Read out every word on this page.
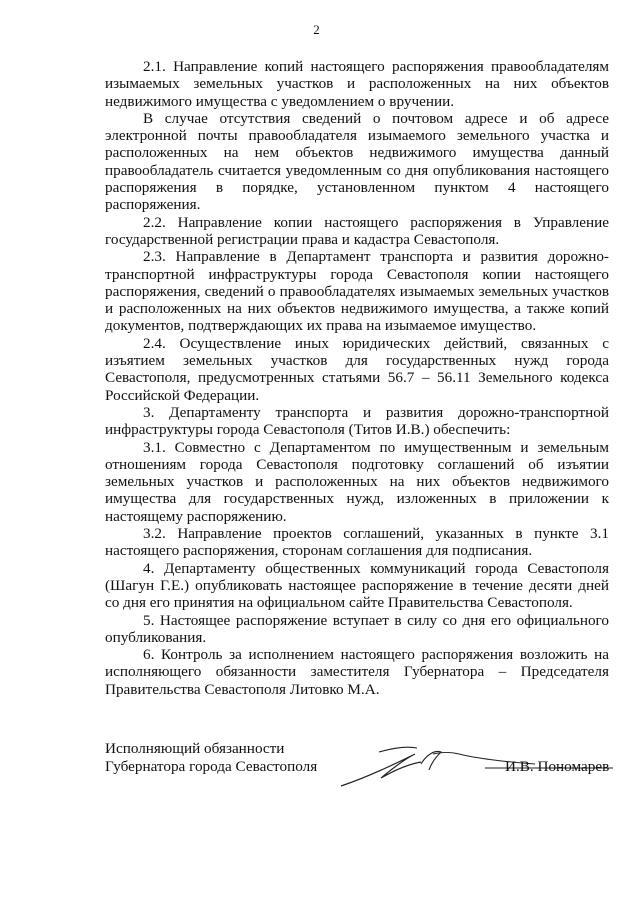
2

2.1. Направление копий настоящего распоряжения правообладателям изымаемых земельных участков и расположенных на них объектов недвижимого имущества с уведомлением о вручении.

В случае отсутствия сведений о почтовом адресе и об адресе электронной почты правообладателя изымаемого земельного участка и расположенных на нем объектов недвижимого имущества данный правообладатель считается уведомленным со дня опубликования настоящего распоряжения в порядке, установленном пунктом 4 настоящего распоряжения.

2.2. Направление копии настоящего распоряжения в Управление государственной регистрации права и кадастра Севастополя.

2.3. Направление в Департамент транспорта и развития дорожно-транспортной инфраструктуры города Севастополя копии настоящего распоряжения, сведений о правообладателях изымаемых земельных участков и расположенных на них объектов недвижимого имущества, а также копий документов, подтверждающих их права на изымаемое имущество.

2.4. Осуществление иных юридических действий, связанных с изъятием земельных участков для государственных нужд города Севастополя, предусмотренных статьями 56.7 – 56.11 Земельного кодекса Российской Федерации.

3. Департаменту транспорта и развития дорожно-транспортной инфраструктуры города Севастополя (Титов И.В.) обеспечить:

3.1. Совместно с Департаментом по имущественным и земельным отношениям города Севастополя подготовку соглашений об изъятии земельных участков и расположенных на них объектов недвижимого имущества для государственных нужд, изложенных в приложении к настоящему распоряжению.

3.2. Направление проектов соглашений, указанных в пункте 3.1 настоящего распоряжения, сторонам соглашения для подписания.

4. Департаменту общественных коммуникаций города Севастополя (Шагун Г.Е.) опубликовать настоящее распоряжение в течение десяти дней со дня его принятия на официальном сайте Правительства Севастополя.

5. Настоящее распоряжение вступает в силу со дня его официального опубликования.

6. Контроль за исполнением настоящего распоряжения возложить на исполняющего обязанности заместителя Губернатора – Председателя Правительства Севастополя Литовко М.А.

Исполняющий обязанности
Губернатора города Севастополя	И.В. Пономарев
